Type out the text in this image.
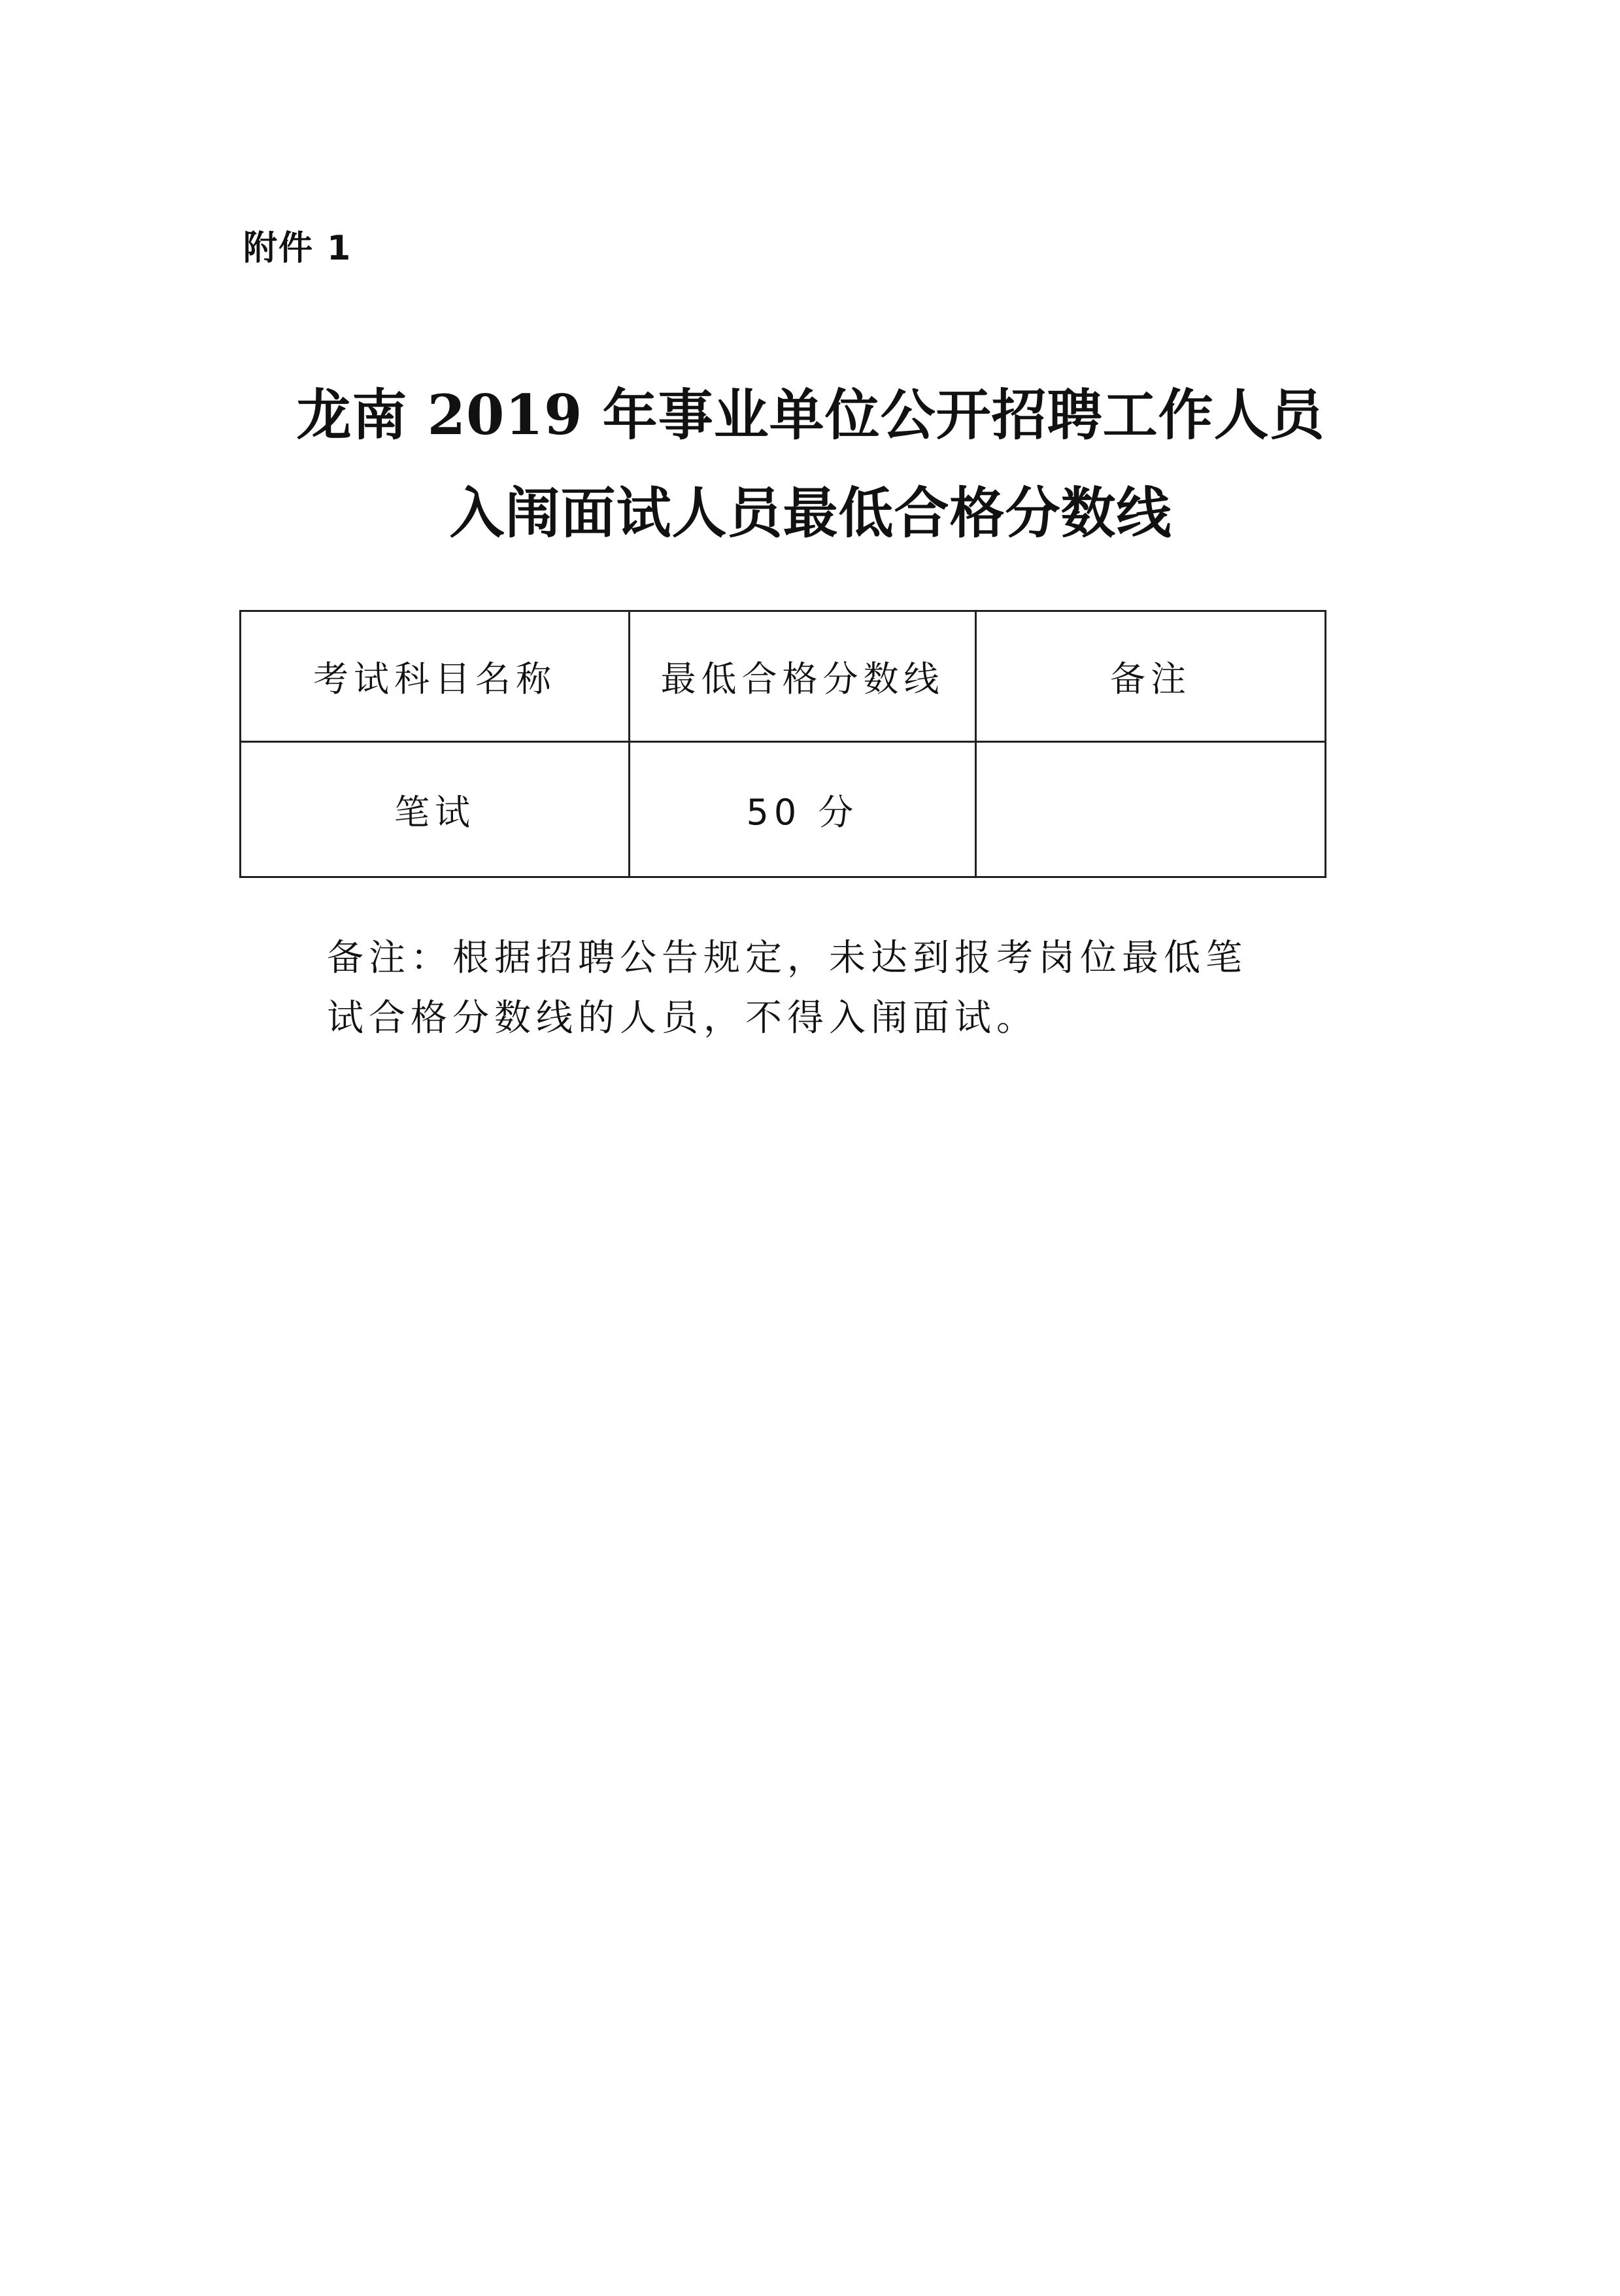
附件 1
龙南 2019 年事业单位公开招聘工作人员
入闱面试人员最低合格分数线
考试科目名称	最低合格分数线	备注
笔试	50 分	
备注：根据招聘公告规定，未达到报考岗位最低笔
试合格分数线的人员，不得入闱面试。
